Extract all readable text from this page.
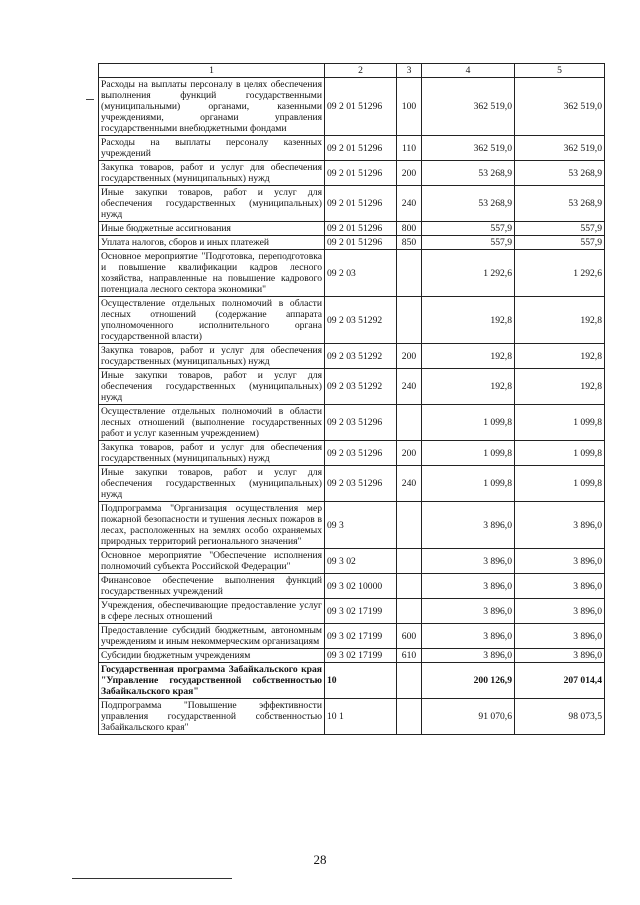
1	2	3	4	5
Расходы на выплаты персоналу в целях обеспечения выполнения функций государственными (муниципальными) органами, казенными учреждениями, органами управления государственными внебюджетными фондами	09 2 01 51296	100	362 519,0	362 519,0
Расходы на выплаты персоналу казенных учреждений	09 2 01 51296	110	362 519,0	362 519,0
Закупка товаров, работ и услуг для обеспечения государственных (муниципальных) нужд	09 2 01 51296	200	53 268,9	53 268,9
Иные закупки товаров, работ и услуг для обеспечения государственных (муниципальных) нужд	09 2 01 51296	240	53 268,9	53 268,9
Иные бюджетные ассигнования	09 2 01 51296	800	557,9	557,9
Уплата налогов, сборов и иных платежей	09 2 01 51296	850	557,9	557,9
Основное мероприятие "Подготовка, переподготовка и повышение квалификации кадров лесного хозяйства, направленные на повышение кадрового потенциала лесного сектора экономики"	09 2 03		1 292,6	1 292,6
Осуществление отдельных полномочий в области лесных отношений (содержание аппарата уполномоченного исполнительного органа государственной власти)	09 2 03 51292		192,8	192,8
Закупка товаров, работ и услуг для обеспечения государственных (муниципальных) нужд	09 2 03 51292	200	192,8	192,8
Иные закупки товаров, работ и услуг для обеспечения государственных (муниципальных) нужд	09 2 03 51292	240	192,8	192,8
Осуществление отдельных полномочий в области лесных отношений (выполнение государственных работ и услуг казенным учреждением)	09 2 03 51296		1 099,8	1 099,8
Закупка товаров, работ и услуг для обеспечения государственных (муниципальных) нужд	09 2 03 51296	200	1 099,8	1 099,8
Иные закупки товаров, работ и услуг для обеспечения государственных (муниципальных) нужд	09 2 03 51296	240	1 099,8	1 099,8
Подпрограмма "Организация осуществления мер пожарной безопасности и тушения лесных пожаров в лесах, расположенных на землях особо охраняемых природных территорий регионального значения"	09 3		3 896,0	3 896,0
Основное мероприятие "Обеспечение исполнения полномочий субъекта Российской Федерации"	09 3 02		3 896,0	3 896,0
Финансовое обеспечение выполнения функций государственных учреждений	09 3 02 10000		3 896,0	3 896,0
Учреждения, обеспечивающие предоставление услуг в сфере лесных отношений	09 3 02 17199		3 896,0	3 896,0
Предоставление субсидий бюджетным, автономным учреждениям и иным некоммерческим организациям	09 3 02 17199	600	3 896,0	3 896,0
Субсидии бюджетным учреждениям	09 3 02 17199	610	3 896,0	3 896,0
Государственная программа Забайкальского края "Управление государственной собственностью Забайкальского края"	10		200 126,9	207 014,4
Подпрограмма "Повышение эффективности управления государственной собственностью Забайкальского края"	10 1		91 070,6	98 073,5
28
